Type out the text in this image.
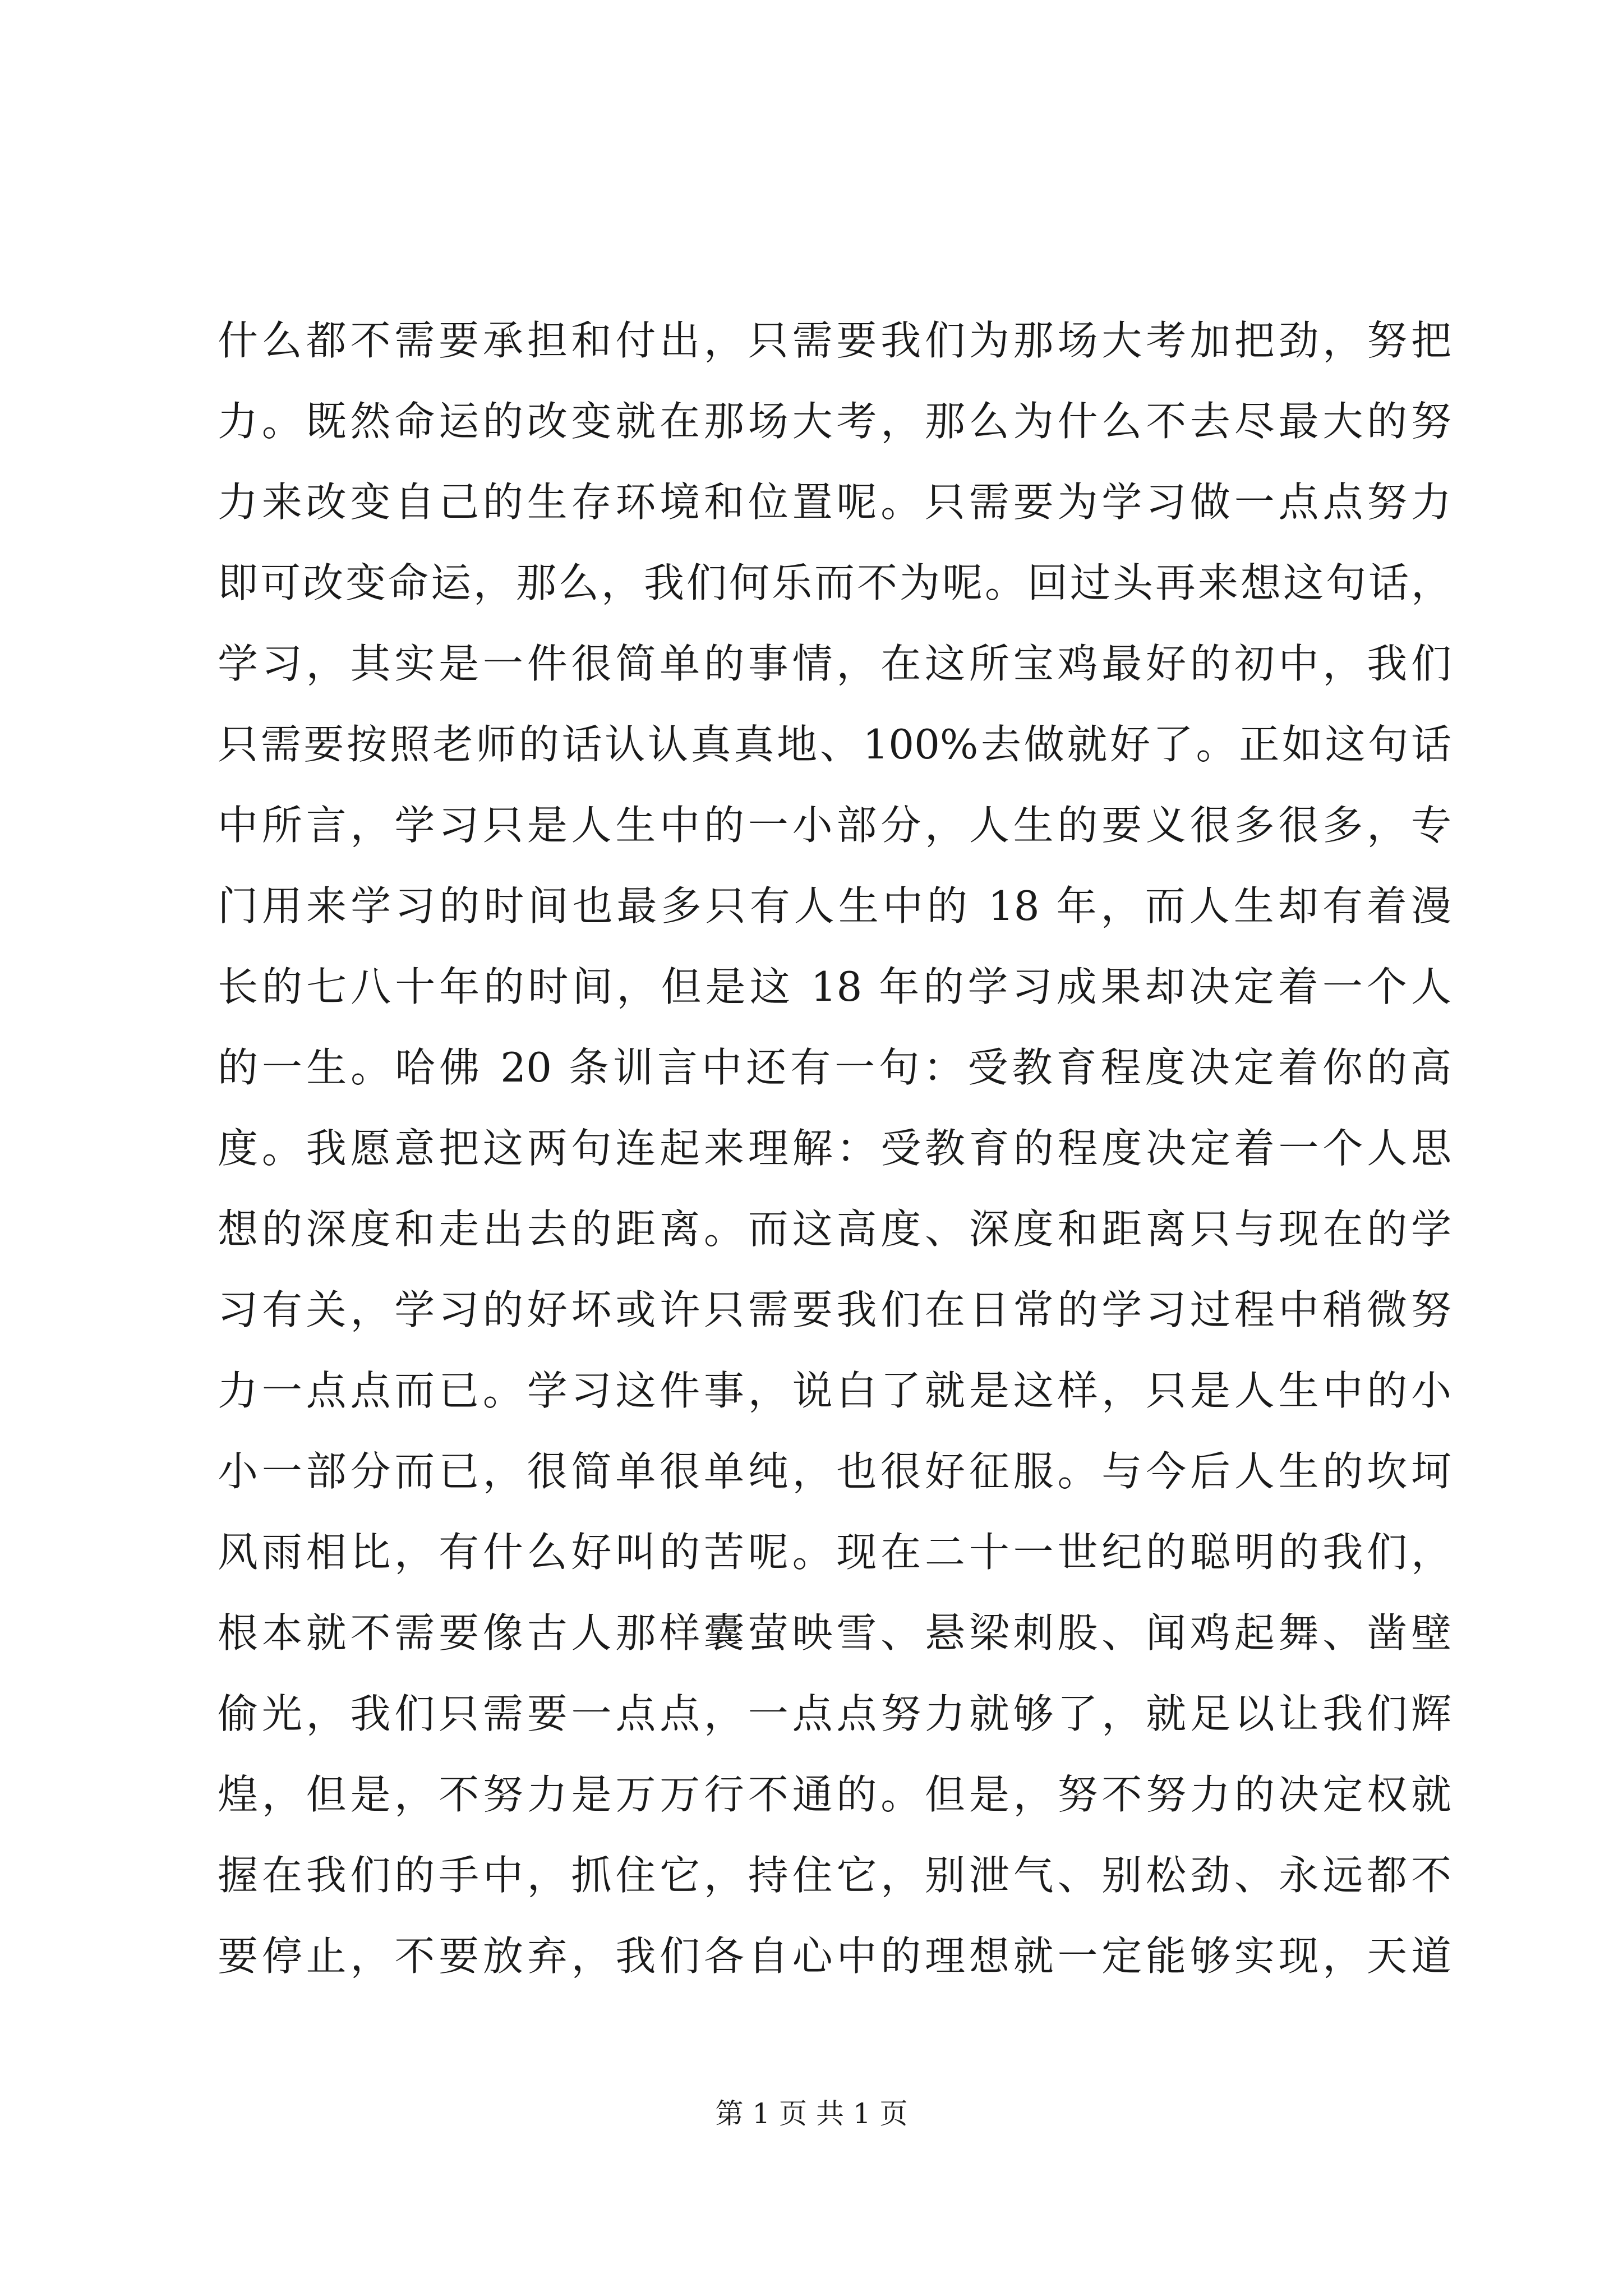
什么都不需要承担和付出，只需要我们为那场大考加把劲，努把
力。既然命运的改变就在那场大考，那么为什么不去尽最大的努
力来改变自己的生存环境和位置呢。只需要为学习做一点点努力
即可改变命运，那么，我们何乐而不为呢。回过头再来想这句话，
学习，其实是一件很简单的事情，在这所宝鸡最好的初中，我们
只需要按照老师的话认认真真地、100%去做就好了。正如这句话
中所言，学习只是人生中的一小部分，人生的要义很多很多，专
门用来学习的时间也最多只有人生中的 18 年，而人生却有着漫
长的七八十年的时间，但是这 18 年的学习成果却决定着一个人
的一生。哈佛 20 条训言中还有一句：受教育程度决定着你的高
度。我愿意把这两句连起来理解：受教育的程度决定着一个人思
想的深度和走出去的距离。而这高度、深度和距离只与现在的学
习有关，学习的好坏或许只需要我们在日常的学习过程中稍微努
力一点点而已。学习这件事，说白了就是这样，只是人生中的小
小一部分而已，很简单很单纯，也很好征服。与今后人生的坎坷
风雨相比，有什么好叫的苦呢。现在二十一世纪的聪明的我们，
根本就不需要像古人那样囊萤映雪、悬梁刺股、闻鸡起舞、凿壁
偷光，我们只需要一点点，一点点努力就够了，就足以让我们辉
煌，但是，不努力是万万行不通的。但是，努不努力的决定权就
握在我们的手中，抓住它，持住它，别泄气、别松劲、永远都不
要停止，不要放弃，我们各自心中的理想就一定能够实现，天道
第 1 页 共 1 页
